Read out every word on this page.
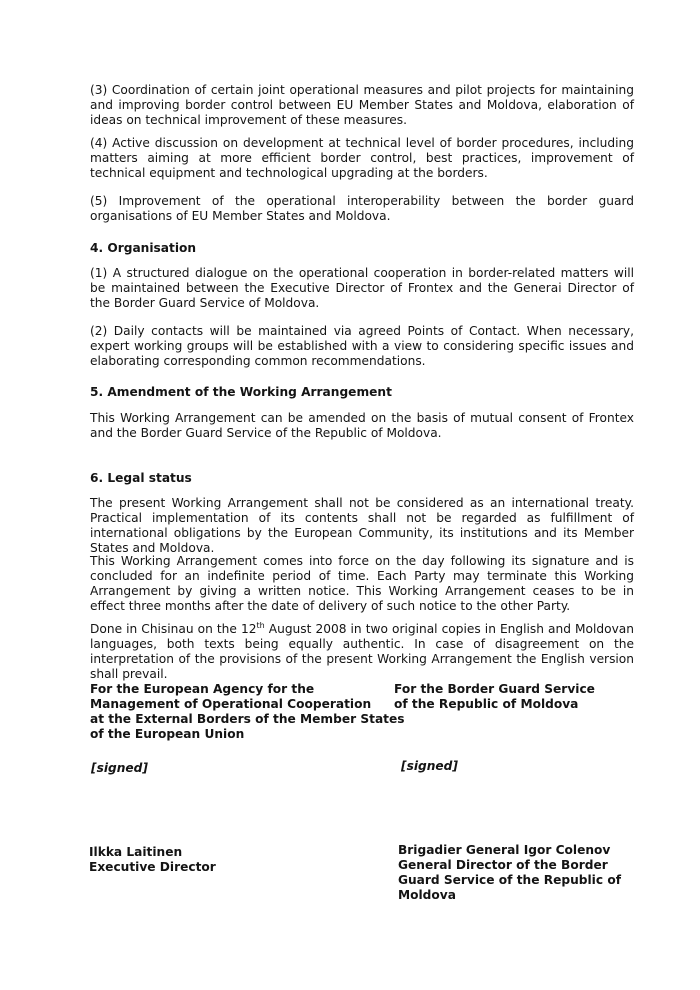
(3) Coordination of certain joint operational measures and pilot projects for maintaining and improving border control between EU Member States and Moldova, elaboration of ideas on technical improvement of these measures.

(4) Active discussion on development at technical level of border procedures, including matters aiming at more efficient border control, best practices, improvement of technical equipment and technological upgrading at the borders.

(5) Improvement of the operational interoperability between the border guard organisations of EU Member States and Moldova.

4. Organisation

(1) A structured dialogue on the operational cooperation in border-related matters will be maintained between the Executive Director of Frontex and the Generai Director of the Border Guard Service of Moldova.

(2) Daily contacts will be maintained via agreed Points of Contact. When necessary, expert working groups will be established with a view to considering specific issues and elaborating corresponding common recommendations.

5. Amendment of the Working Arrangement

This Working Arrangement can be amended on the basis of mutual consent of Frontex and the Border Guard Service of the Republic of Moldova.

6. Legal status

The present Working Arrangement shall not be considered as an international treaty. Practical implementation of its contents shall not be regarded as fulfillment of international obligations by the European Community, its institutions and its Member States and Moldova.

This Working Arrangement comes into force on the day following its signature and is concluded for an indefinite period of time. Each Party may terminate this Working Arrangement by giving a written notice. This Working Arrangement ceases to be in effect three months after the date of delivery of such notice to the other Party.

Done in Chisinau on the 12th August 2008 in two original copies in English and Moldovan languages, both texts being equally authentic. In case of disagreement on the interpretation of the provisions of the present Working Arrangement the English version shall prevail.

For the European Agency for the
Management of Operational Cooperation
at the External Borders of the Member States
of the European Union

For the Border Guard Service
of the Republic of Moldova

[signed]	[signed]

Ilkka Laitinen
Executive Director

Brigadier General Igor Colenov
General Director of the Border
Guard Service of the Republic of
Moldova
